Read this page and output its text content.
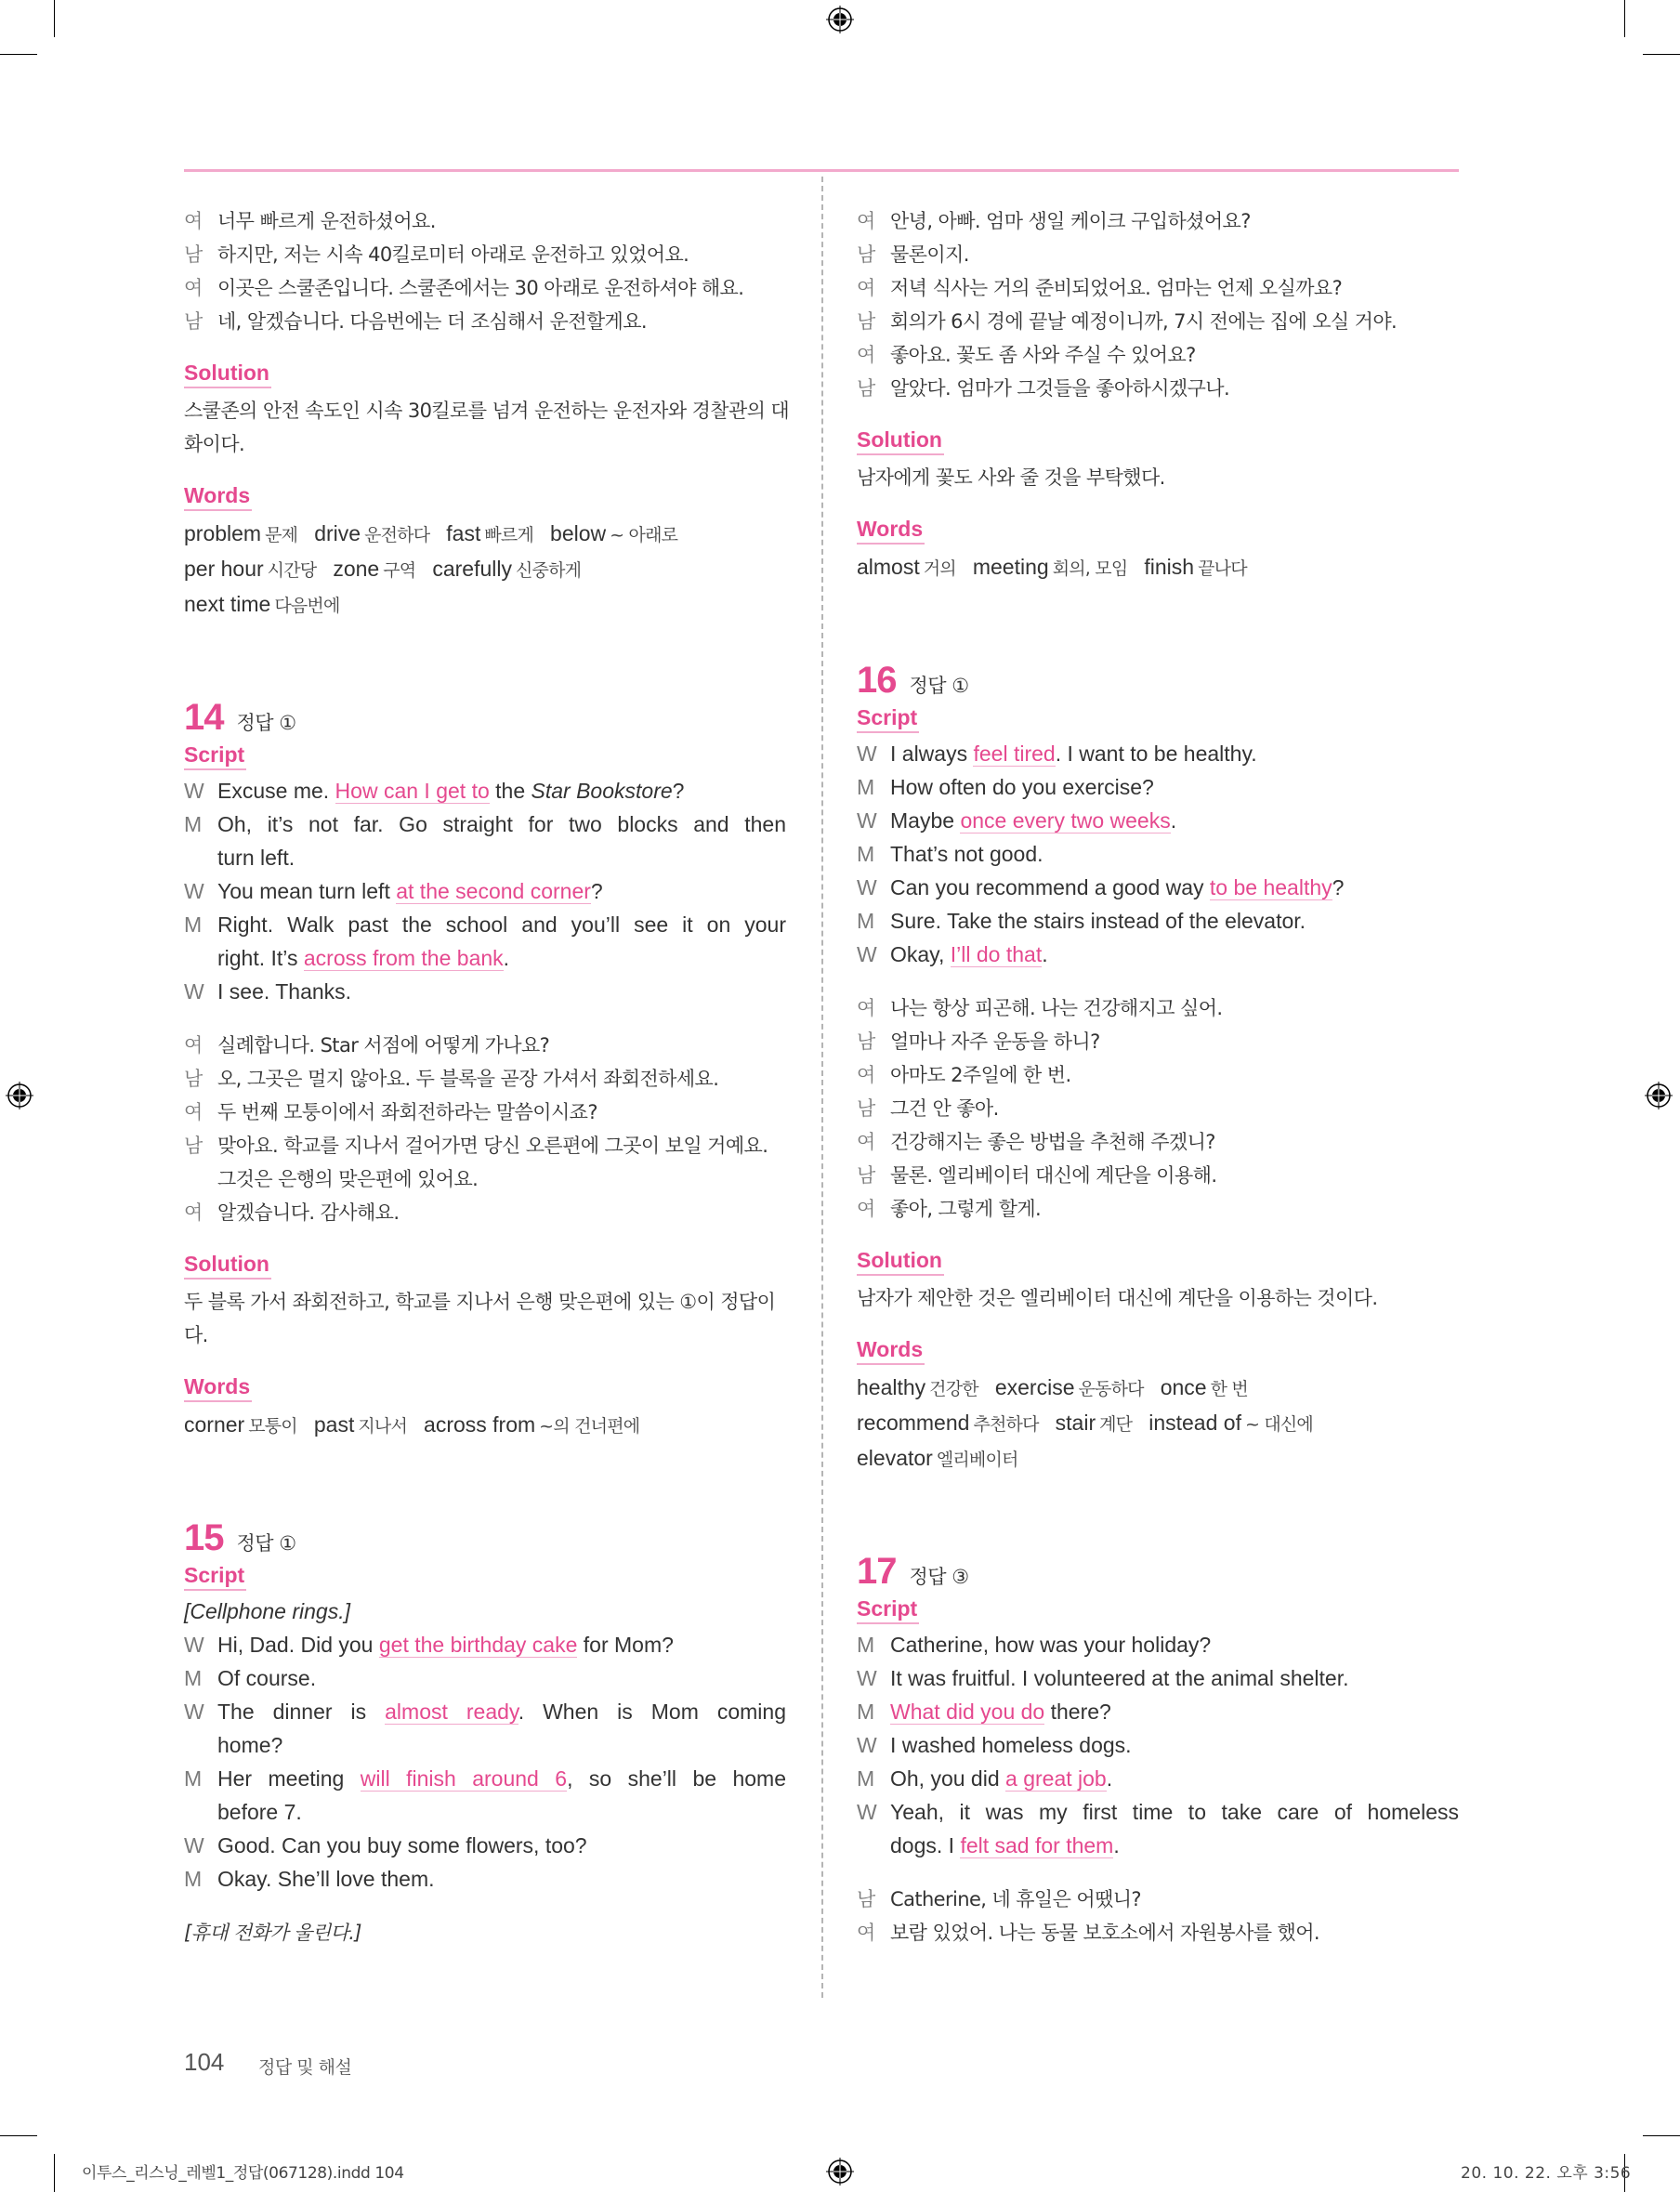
여 너무 빠르게 운전하셨어요.
남 하지만, 저는 시속 40킬로미터 아래로 운전하고 있었어요.
여 이곳은 스쿨존입니다. 스쿨존에서는 30 아래로 운전하셔야 해요.
남 네, 알겠습니다. 다음번에는 더 조심해서 운전할게요.
Solution
스쿨존의 안전 속도인 시속 30킬로를 넘겨 운전하는 운전자와 경찰관의 대
화이다.
Words
problem 문제 drive 운전하다 fast 빠르게 below ~ 아래로
per hour 시간당 zone 구역 carefully 신중하게
next time 다음번에
14 정답 ①
Script
W Excuse me. How can I get to the Star Bookstore?
M Oh, it’s not far. Go straight for two blocks and then
turn left.
W You mean turn left at the second corner?
M Right. Walk past the school and you’ll see it on your
right. It’s across from the bank.
W I see. Thanks.
여 실례합니다. Star 서점에 어떻게 가나요?
남 오, 그곳은 멀지 않아요. 두 블록을 곧장 가셔서 좌회전하세요.
여 두 번째 모퉁이에서 좌회전하라는 말씀이시죠?
남 맞아요. 학교를 지나서 걸어가면 당신 오른편에 그곳이 보일 거예요.
그것은 은행의 맞은편에 있어요.
여 알겠습니다. 감사해요.
Solution
두 블록 가서 좌회전하고, 학교를 지나서 은행 맞은편에 있는 ①이 정답이
다.
Words
corner 모퉁이 past 지나서 across from ~의 건너편에
15 정답 ①
Script
[Cellphone rings.]
W Hi, Dad. Did you get the birthday cake for Mom?
M Of course.
W The dinner is almost ready. When is Mom coming
home?
M Her meeting will finish around 6, so she’ll be home
before 7.
W Good. Can you buy some flowers, too?
M Okay. She’ll love them.
[휴대 전화가 울린다.]
여 안녕, 아빠. 엄마 생일 케이크 구입하셨어요?
남 물론이지.
여 저녁 식사는 거의 준비되었어요. 엄마는 언제 오실까요?
남 회의가 6시 경에 끝날 예정이니까, 7시 전에는 집에 오실 거야.
여 좋아요. 꽃도 좀 사와 주실 수 있어요?
남 알았다. 엄마가 그것들을 좋아하시겠구나.
Solution
남자에게 꽃도 사와 줄 것을 부탁했다.
Words
almost 거의 meeting 회의, 모임 finish 끝나다
16 정답 ①
Script
W I always feel tired. I want to be healthy.
M How often do you exercise?
W Maybe once every two weeks.
M That’s not good.
W Can you recommend a good way to be healthy?
M Sure. Take the stairs instead of the elevator.
W Okay, I’ll do that.
여 나는 항상 피곤해. 나는 건강해지고 싶어.
남 얼마나 자주 운동을 하니?
여 아마도 2주일에 한 번.
남 그건 안 좋아.
여 건강해지는 좋은 방법을 추천해 주겠니?
남 물론. 엘리베이터 대신에 계단을 이용해.
여 좋아, 그렇게 할게.
Solution
남자가 제안한 것은 엘리베이터 대신에 계단을 이용하는 것이다.
Words
healthy 건강한 exercise 운동하다 once 한 번
recommend 추천하다 stair 계단 instead of ~ 대신에
elevator 엘리베이터
17 정답 ③
Script
M Catherine, how was your holiday?
W It was fruitful. I volunteered at the animal shelter.
M What did you do there?
W I washed homeless dogs.
M Oh, you did a great job.
W Yeah, it was my first time to take care of homeless
dogs. I felt sad for them.
남 Catherine, 네 휴일은 어땠니?
여 보람 있었어. 나는 동물 보호소에서 자원봉사를 했어.
104 정답 및 해설
이투스_리스닝_레벨1_정답(067128).indd 104	20. 10. 22. 오후 3:56
